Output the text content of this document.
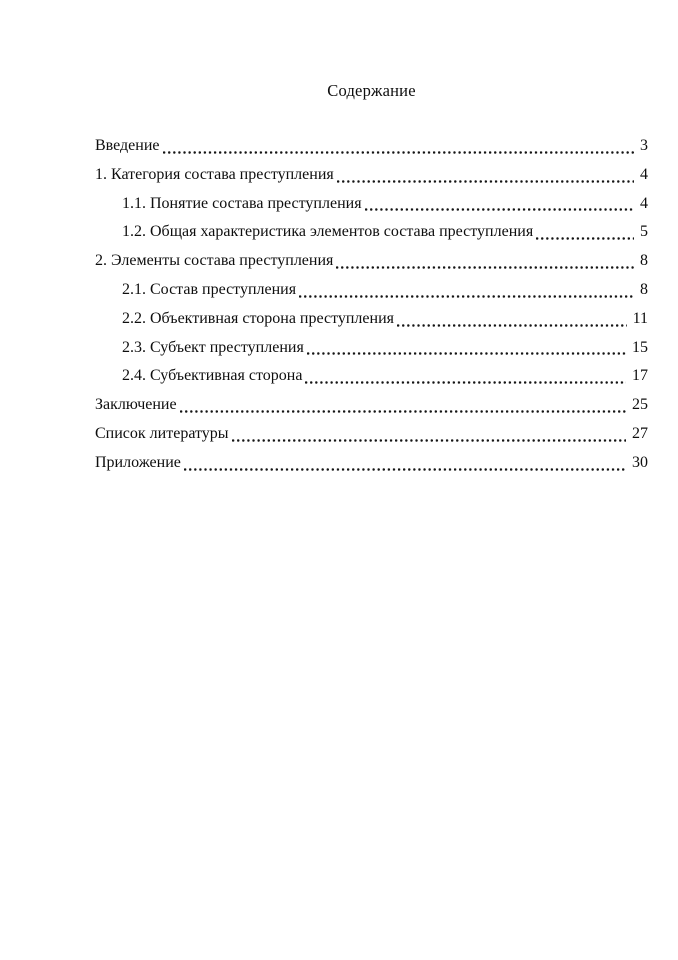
Содержание
Введение	3
1. Категория состава преступления	4
1.1. Понятие состава преступления	4
1.2. Общая характеристика элементов состава преступления	5
2. Элементы состава преступления	8
2.1. Состав преступления	8
2.2. Объективная сторона преступления	11
2.3. Субъект преступления	15
2.4. Субъективная сторона	17
Заключение	25
Список литературы	27
Приложение	30
